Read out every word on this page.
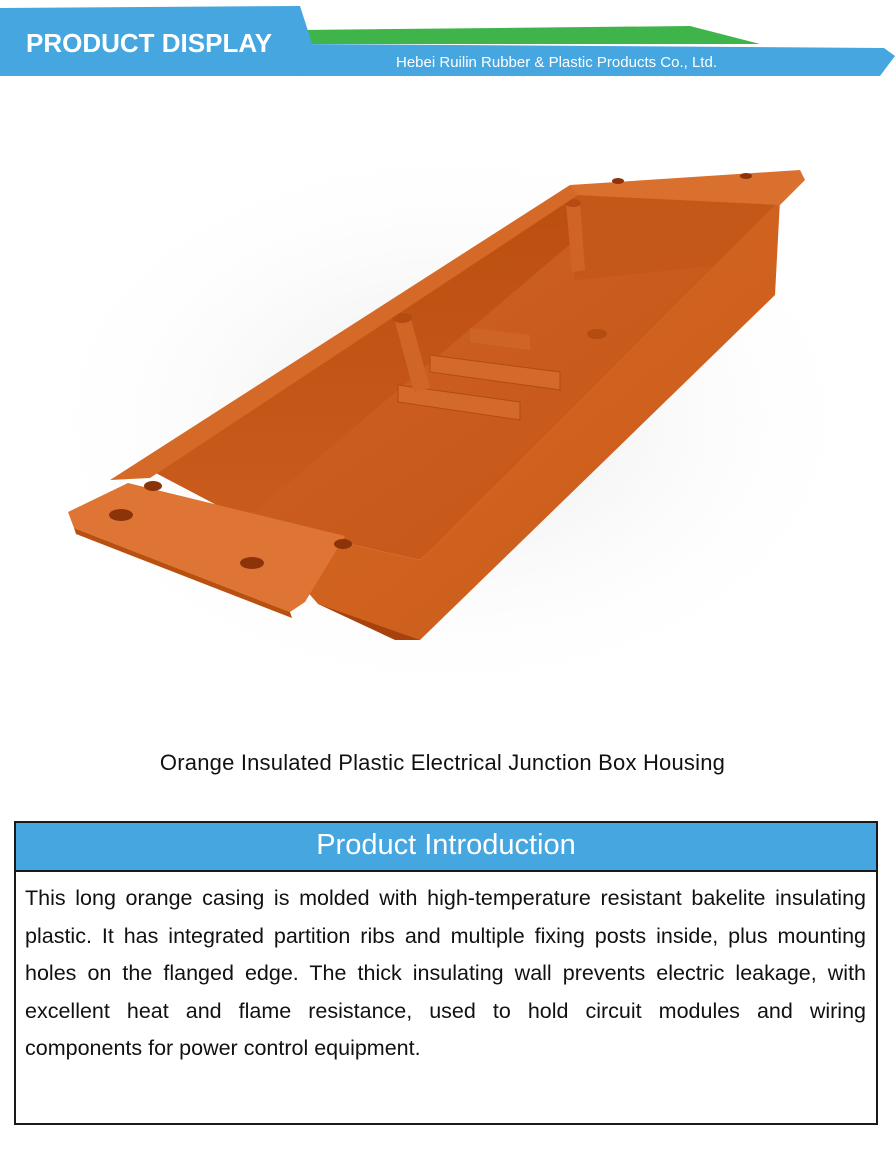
PRODUCT DISPLAY
Hebei Ruilin Rubber & Plastic Products Co., Ltd.
Orange Insulated Plastic Electrical Junction Box Housing
Product Introduction
This long orange casing is molded with high-temperature resistant bakelite insulating plastic. It has integrated partition ribs and multiple fixing posts inside, plus mounting holes on the flanged edge. The thick insulating wall prevents electric leakage, with excellent heat and flame resistance, used to hold circuit modules and wiring components for power control equipment.
